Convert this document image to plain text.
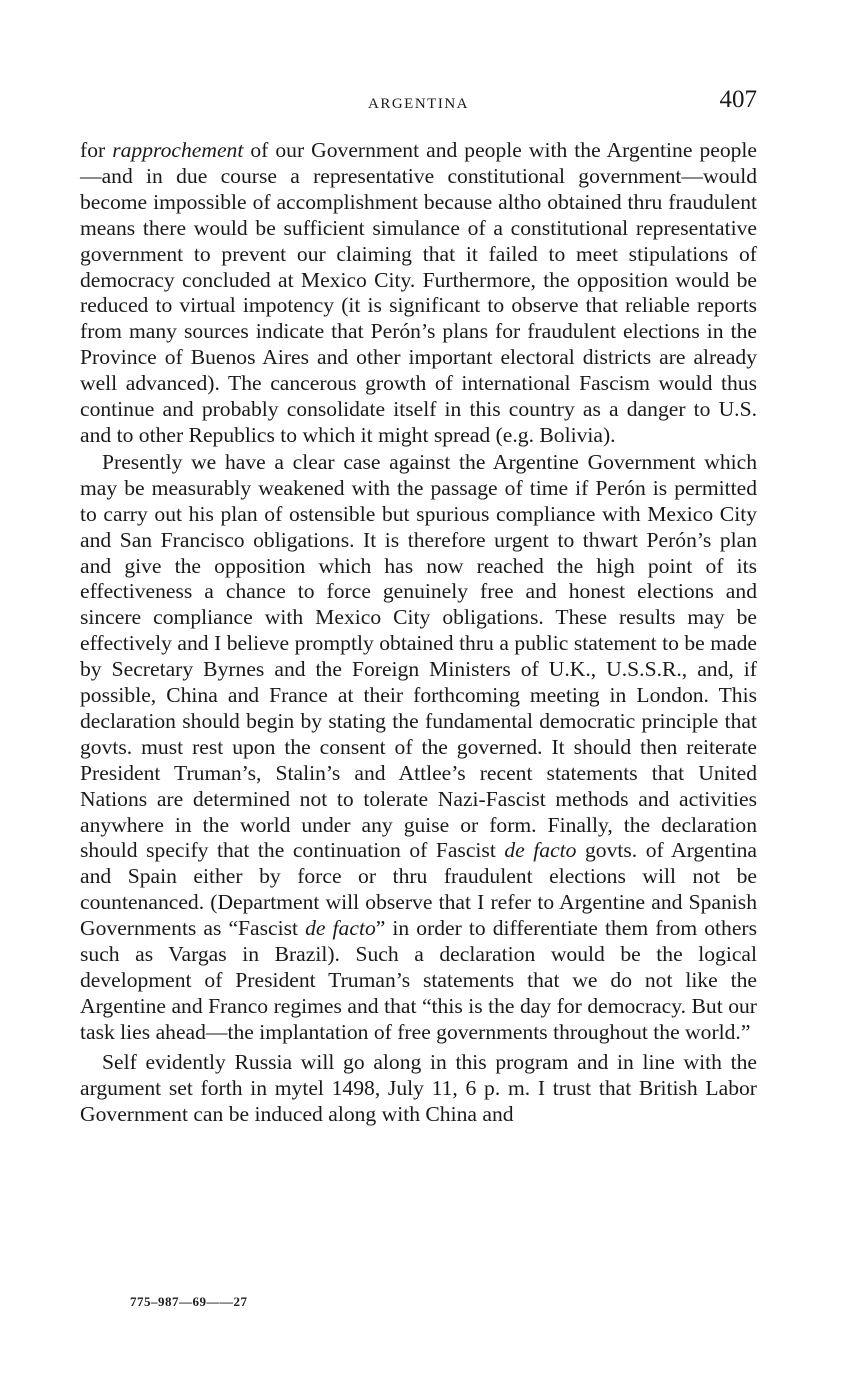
ARGENTINA	407

for rapprochement of our Government and people with the Argentine people—and in due course a representative constitutional government—would become impossible of accomplishment because altho obtained thru fraudulent means there would be sufficient simulance of a constitutional representative government to prevent our claiming that it failed to meet stipulations of democracy concluded at Mexico City. Furthermore, the opposition would be reduced to virtual impotency (it is significant to observe that reliable reports from many sources indicate that Perón’s plans for fraudulent elections in the Province of Buenos Aires and other important electoral districts are already well advanced). The cancerous growth of international Fascism would thus continue and probably consolidate itself in this country as a danger to U.S. and to other Republics to which it might spread (e.g. Bolivia).

Presently we have a clear case against the Argentine Government which may be measurably weakened with the passage of time if Perón is permitted to carry out his plan of ostensible but spurious compliance with Mexico City and San Francisco obligations. It is therefore urgent to thwart Perón’s plan and give the opposition which has now reached the high point of its effectiveness a chance to force genuinely free and honest elections and sincere compliance with Mexico City obligations. These results may be effectively and I believe promptly obtained thru a public statement to be made by Secretary Byrnes and the Foreign Ministers of U.K., U.S.S.R., and, if possible, China and France at their forthcoming meeting in London. This declaration should begin by stating the fundamental democratic principle that govts. must rest upon the consent of the governed. It should then reiterate President Truman’s, Stalin’s and Attlee’s recent statements that United Nations are determined not to tolerate Nazi-Fascist methods and activities anywhere in the world under any guise or form. Finally, the declaration should specify that the continuation of Fascist de facto govts. of Argentina and Spain either by force or thru fraudulent elections will not be countenanced. (Department will observe that I refer to Argentine and Spanish Governments as “Fascist de facto” in order to differentiate them from others such as Vargas in Brazil). Such a declaration would be the logical development of President Truman’s statements that we do not like the Argentine and Franco regimes and that “this is the day for democracy. But our task lies ahead—the implantation of free governments throughout the world.”

Self evidently Russia will go along in this program and in line with the argument set forth in mytel 1498, July 11, 6 p. m. I trust that British Labor Government can be induced along with China and

775–987—69——27
